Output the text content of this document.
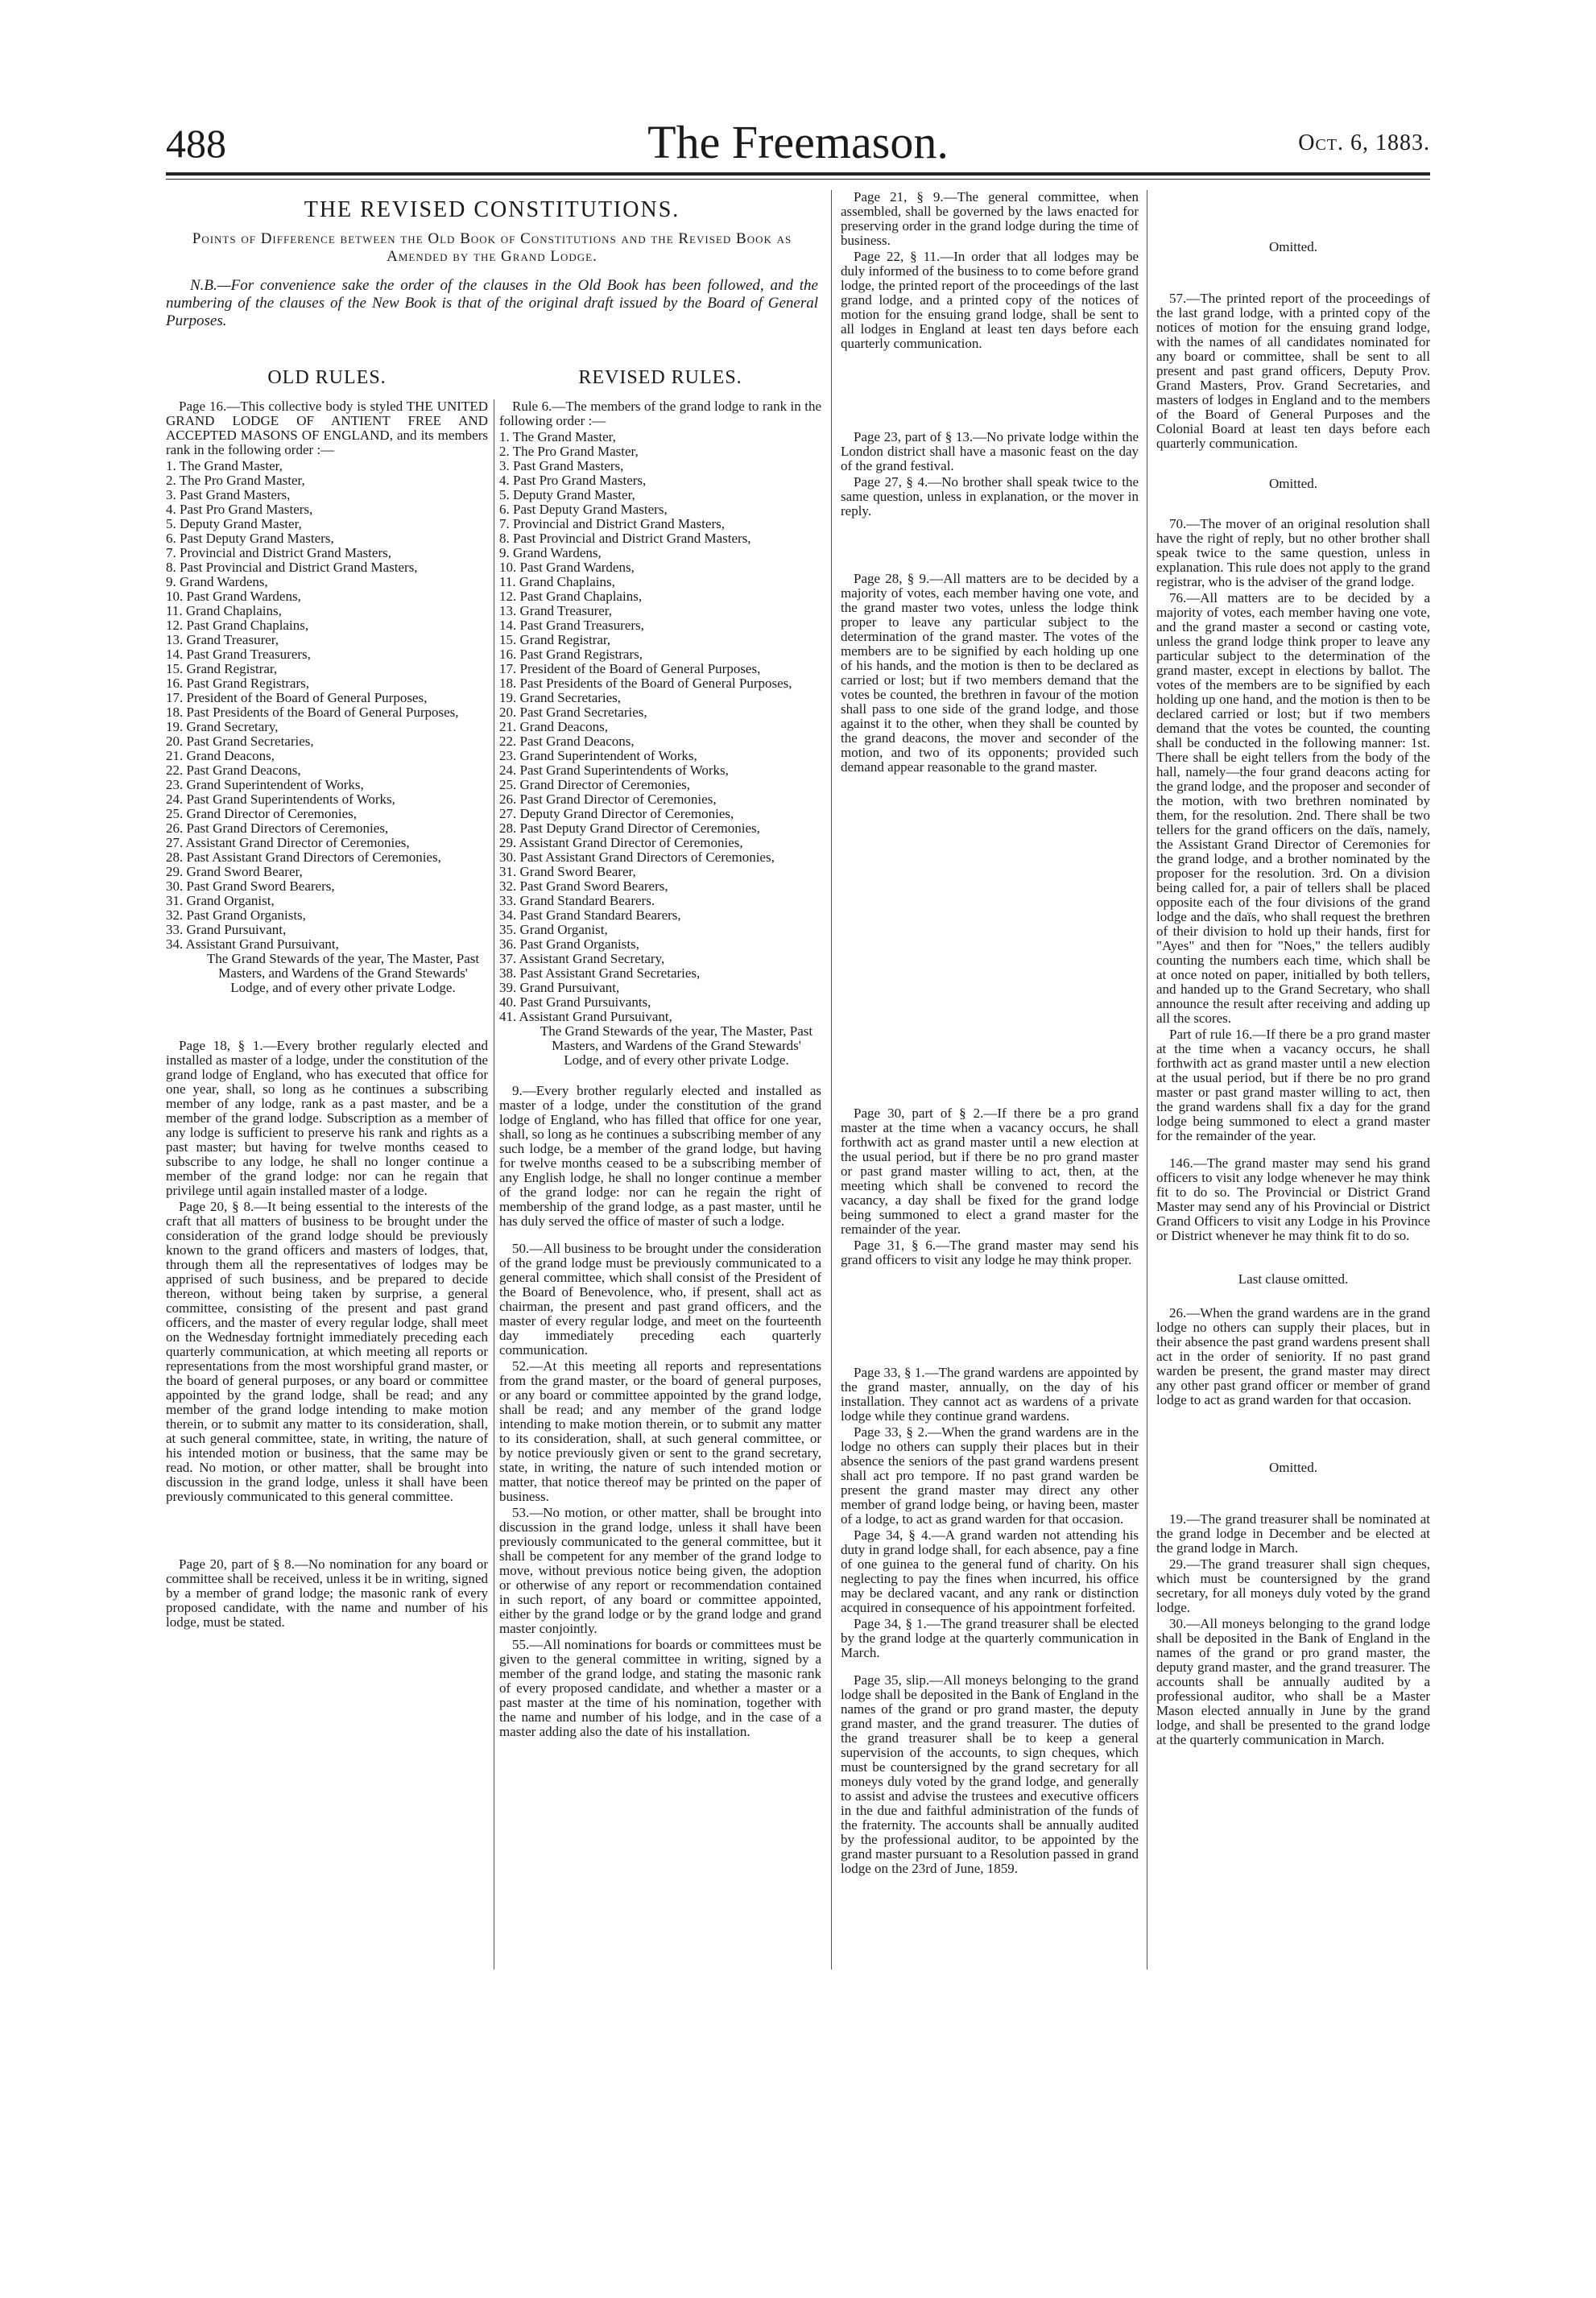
488	The Freemason.	Oct. 6, 1883.
THE REVISED CONSTITUTIONS.
Points of Difference between the Old Book of Constitutions and the Revised Book as Amended by the Grand Lodge.
N.B.—For convenience sake the order of the clauses in the Old Book has been followed, and the numbering of the clauses of the New Book is that of the original draft issued by the Board of General Purposes.
OLD RULES.	REVISED RULES.

Page 16.—This collective body is styled THE UNITED GRAND LODGE OF ANTIENT FREE AND ACCEPTED MASONS OF ENGLAND, and its members rank in the following order :—

1. The Grand Master,
2. The Pro Grand Master,
3. Past Grand Masters,
4. Past Pro Grand Masters,
5. Deputy Grand Master,
6. Past Deputy Grand Masters,
7. Provincial and District Grand Masters,
8. Past Provincial and District Grand Masters,
9. Grand Wardens,
10. Past Grand Wardens,
11. Grand Chaplains,
12. Past Grand Chaplains,
13. Grand Treasurer,
14. Past Grand Treasurers,
15. Grand Registrar,
16. Past Grand Registrars,
17. President of the Board of General Purposes,
18. Past Presidents of the Board of General Purposes,
19. Grand Secretary,
20. Past Grand Secretaries,
21. Grand Deacons,
22. Past Grand Deacons,
23. Grand Superintendent of Works,
24. Past Grand Superintendents of Works,
25. Grand Director of Ceremonies,
26. Past Grand Directors of Ceremonies,
27. Assistant Grand Director of Ceremonies,
28. Past Assistant Grand Directors of Ceremonies,
29. Grand Sword Bearer,
30. Past Grand Sword Bearers,
31. Grand Organist,
32. Past Grand Organists,
33. Grand Pursuivant,
34. Assistant Grand Pursuivant,

The Grand Stewards of the year, The Master, Past Masters, and Wardens of the Grand Stewards' Lodge, and of every other private Lodge.

Page 18, § 1.—Every brother regularly elected and installed as master of a lodge, under the constitution of the grand lodge of England, who has executed that office for one year, shall, so long as he continues a subscribing member of any lodge, rank as a past master, and be a member of the grand lodge. Subscription as a member of any lodge is sufficient to preserve his rank and rights as a past master; but having for twelve months ceased to subscribe to any lodge, he shall no longer continue a member of the grand lodge: nor can he regain that privilege until again installed master of a lodge.

Page 20, § 8.—It being essential to the interests of the craft that all matters of business to be brought under the consideration of the grand lodge should be previously known to the grand officers and masters of lodges, that, through them all the representatives of lodges may be apprised of such business, and be prepared to decide thereon, without being taken by surprise, a general committee, consisting of the present and past grand officers, and the master of every regular lodge, shall meet on the Wednesday fortnight immediately preceding each quarterly communication, at which meeting all reports or representations from the most worshipful grand master, or the board of general purposes, or any board or committee appointed by the grand lodge, shall be read; and any member of the grand lodge intending to make motion therein, or to submit any matter to its consideration, shall, at such general committee, state, in writing, the nature of his intended motion or business, that the same may be read. No motion, or other matter, shall be brought into discussion in the grand lodge, unless it shall have been previously communicated to this general committee.

Page 20, part of § 8.—No nomination for any board or committee shall be received, unless it be in writing, signed by a member of grand lodge; the masonic rank of every proposed candidate, with the name and number of his lodge, must be stated.

Rule 6.—The members of the grand lodge to rank in the following order :—

1. The Grand Master,
2. The Pro Grand Master,
3. Past Grand Masters,
4. Past Pro Grand Masters,
5. Deputy Grand Master,
6. Past Deputy Grand Masters,
7. Provincial and District Grand Masters,
8. Past Provincial and District Grand Masters,
9. Grand Wardens,
10. Past Grand Wardens,
11. Grand Chaplains,
12. Past Grand Chaplains,
13. Grand Treasurer,
14. Past Grand Treasurers,
15. Grand Registrar,
16. Past Grand Registrars,
17. President of the Board of General Purposes,
18. Past Presidents of the Board of General Purposes,
19. Grand Secretaries,
20. Past Grand Secretaries,
21. Grand Deacons,
22. Past Grand Deacons,
23. Grand Superintendent of Works,
24. Past Grand Superintendents of Works,
25. Grand Director of Ceremonies,
26. Past Grand Director of Ceremonies,
27. Deputy Grand Director of Ceremonies,
28. Past Deputy Grand Director of Ceremonies,
29. Assistant Grand Director of Ceremonies,
30. Past Assistant Grand Directors of Ceremonies,
31. Grand Sword Bearer,
32. Past Grand Sword Bearers,
33. Grand Standard Bearers.
34. Past Grand Standard Bearers,
35. Grand Organist,
36. Past Grand Organists,
37. Assistant Grand Secretary,
38. Past Assistant Grand Secretaries,
39. Grand Pursuivant,
40. Past Grand Pursuivants,
41. Assistant Grand Pursuivant,

The Grand Stewards of the year, The Master, Past Masters, and Wardens of the Grand Stewards' Lodge, and of every other private Lodge.

9.—Every brother regularly elected and installed as master of a lodge, under the constitution of the grand lodge of England, who has filled that office for one year, shall, so long as he continues a subscribing member of any such lodge, be a member of the grand lodge, but having for twelve months ceased to be a subscribing member of any English lodge, he shall no longer continue a member of the grand lodge: nor can he regain the right of membership of the grand lodge, as a past master, until he has duly served the office of master of such a lodge.

50.—All business to be brought under the consideration of the grand lodge must be previously communicated to a general committee, which shall consist of the President of the Board of Benevolence, who, if present, shall act as chairman, the present and past grand officers, and the master of every regular lodge, and meet on the fourteenth day immediately preceding each quarterly communication.

52.—At this meeting all reports and representations from the grand master, or the board of general purposes, or any board or committee appointed by the grand lodge, shall be read; and any member of the grand lodge intending to make motion therein, or to submit any matter to its consideration, shall, at such general committee, or by notice previously given or sent to the grand secretary, state, in writing, the nature of such intended motion or matter, that notice thereof may be printed on the paper of business.

53.—No motion, or other matter, shall be brought into discussion in the grand lodge, unless it shall have been previously communicated to the general committee, but it shall be competent for any member of the grand lodge to move, without previous notice being given, the adoption or otherwise of any report or recommendation contained in such report, of any board or committee appointed, either by the grand lodge or by the grand lodge and grand master conjointly.

55.—All nominations for boards or committees must be given to the general committee in writing, signed by a member of the grand lodge, and stating the masonic rank of every proposed candidate, and whether a master or a past master at the time of his nomination, together with the name and number of his lodge, and in the case of a master adding also the date of his installation.

Page 21, § 9.—The general committee, when assembled, shall be governed by the laws enacted for preserving order in the grand lodge during the time of business.

Page 22, § 11.—In order that all lodges may be duly informed of the business to to come before grand lodge, the printed report of the proceedings of the last grand lodge, and a printed copy of the notices of motion for the ensuing grand lodge, shall be sent to all lodges in England at least ten days before each quarterly communication.

Page 23, part of § 13.—No private lodge within the London district shall have a masonic feast on the day of the grand festival.

Page 27, § 4.—No brother shall speak twice to the same question, unless in explanation, or the mover in reply.

Page 28, § 9.—All matters are to be decided by a majority of votes, each member having one vote, and the grand master two votes, unless the lodge think proper to leave any particular subject to the determination of the grand master. The votes of the members are to be signified by each holding up one of his hands, and the motion is then to be declared as carried or lost; but if two members demand that the votes be counted, the brethren in favour of the motion shall pass to one side of the grand lodge, and those against it to the other, when they shall be counted by the grand deacons, the mover and seconder of the motion, and two of its opponents; provided such demand appear reasonable to the grand master.

Page 30, part of § 2.—If there be a pro grand master at the time when a vacancy occurs, he shall forthwith act as grand master until a new election at the usual period, but if there be no pro grand master or past grand master willing to act, then, at the meeting which shall be convened to record the vacancy, a day shall be fixed for the grand lodge being summoned to elect a grand master for the remainder of the year.

Page 31, § 6.—The grand master may send his grand officers to visit any lodge he may think proper.

Page 33, § 1.—The grand wardens are appointed by the grand master, annually, on the day of his installation. They cannot act as wardens of a private lodge while they continue grand wardens.

Page 33, § 2.—When the grand wardens are in the lodge no others can supply their places but in their absence the seniors of the past grand wardens present shall act pro tempore. If no past grand warden be present the grand master may direct any other member of grand lodge being, or having been, master of a lodge, to act as grand warden for that occasion.

Page 34, § 4.—A grand warden not attending his duty in grand lodge shall, for each absence, pay a fine of one guinea to the general fund of charity. On his neglecting to pay the fines when incurred, his office may be declared vacant, and any rank or distinction acquired in consequence of his appointment forfeited.

Page 34, § 1.—The grand treasurer shall be elected by the grand lodge at the quarterly communication in March.

Page 35, slip.—All moneys belonging to the grand lodge shall be deposited in the Bank of England in the names of the grand or pro grand master, the deputy grand master, and the grand treasurer. The duties of the grand treasurer shall be to keep a general supervision of the accounts, to sign cheques, which must be countersigned by the grand secretary for all moneys duly voted by the grand lodge, and generally to assist and advise the trustees and executive officers in the due and faithful administration of the funds of the fraternity. The accounts shall be annually audited by the professional auditor, to be appointed by the grand master pursuant to a Resolution passed in grand lodge on the 23rd of June, 1859.

Omitted.

57.—The printed report of the proceedings of the last grand lodge, with a printed copy of the notices of motion for the ensuing grand lodge, with the names of all candidates nominated for any board or committee, shall be sent to all present and past grand officers, Deputy Prov. Grand Masters, Prov. Grand Secretaries, and masters of lodges in England and to the members of the Board of General Purposes and the Colonial Board at least ten days before each quarterly communication.

Omitted.

70.—The mover of an original resolution shall have the right of reply, but no other brother shall speak twice to the same question, unless in explanation. This rule does not apply to the grand registrar, who is the adviser of the grand lodge.

76.—All matters are to be decided by a majority of votes, each member having one vote, and the grand master a second or casting vote, unless the grand lodge think proper to leave any particular subject to the determination of the grand master, except in elections by ballot. The votes of the members are to be signified by each holding up one hand, and the motion is then to be declared carried or lost; but if two members demand that the votes be counted, the counting shall be conducted in the following manner: 1st. There shall be eight tellers from the body of the hall, namely—the four grand deacons acting for the grand lodge, and the proposer and seconder of the motion, with two brethren nominated by them, for the resolution. 2nd. There shall be two tellers for the grand officers on the daïs, namely, the Assistant Grand Director of Ceremonies for the grand lodge, and a brother nominated by the proposer for the resolution. 3rd. On a division being called for, a pair of tellers shall be placed opposite each of the four divisions of the grand lodge and the daïs, who shall request the brethren of their division to hold up their hands, first for "Ayes" and then for "Noes," the tellers audibly counting the numbers each time, which shall be at once noted on paper, initialled by both tellers, and handed up to the Grand Secretary, who shall announce the result after receiving and adding up all the scores.

Part of rule 16.—If there be a pro grand master at the time when a vacancy occurs, he shall forthwith act as grand master until a new election at the usual period, but if there be no pro grand master or past grand master willing to act, then the grand wardens shall fix a day for the grand lodge being summoned to elect a grand master for the remainder of the year.

146.—The grand master may send his grand officers to visit any lodge whenever he may think fit to do so. The Provincial or District Grand Master may send any of his Provincial or District Grand Officers to visit any Lodge in his Province or District whenever he may think fit to do so.

Last clause omitted.

26.—When the grand wardens are in the grand lodge no others can supply their places, but in their absence the past grand wardens present shall act in the order of seniority. If no past grand warden be present, the grand master may direct any other past grand officer or member of grand lodge to act as grand warden for that occasion.

Omitted.

19.—The grand treasurer shall be nominated at the grand lodge in December and be elected at the grand lodge in March.

29.—The grand treasurer shall sign cheques, which must be countersigned by the grand secretary, for all moneys duly voted by the grand lodge.

30.—All moneys belonging to the grand lodge shall be deposited in the Bank of England in the names of the grand or pro grand master, the deputy grand master, and the grand treasurer. The accounts shall be annually audited by a professional auditor, who shall be a Master Mason elected annually in June by the grand lodge, and shall be presented to the grand lodge at the quarterly communication in March.
